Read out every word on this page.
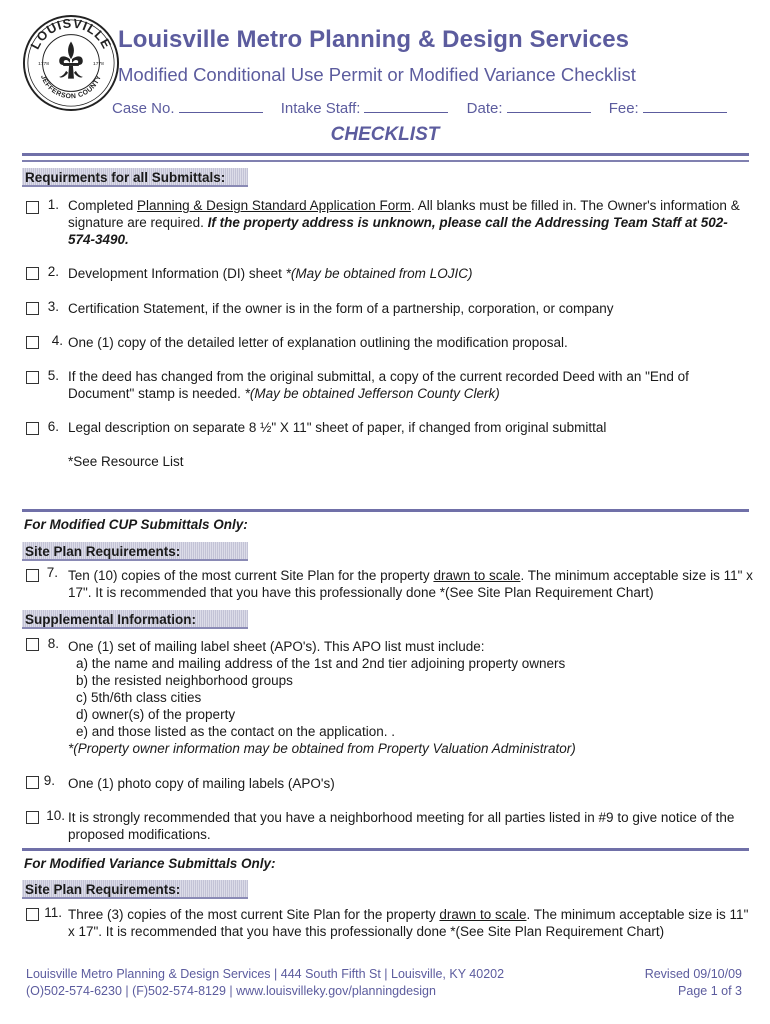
LOUISVILLE
JEFFERSON COUNTY
1778	1778
Louisville Metro Planning & Design Services
Modified Conditional Use Permit or Modified Variance Checklist
Case No.	Intake Staff:	Date:	Fee:
CHECKLIST
Requirments for all Submittals:
1. Completed Planning & Design Standard Application Form. All blanks must be filled in. The Owner's information & signature are required. If the property address is unknown, please call the Addressing Team Staff at 502-574-3490.
2. Development Information (DI) sheet *(May be obtained from LOJIC)
3. Certification Statement, if the owner is in the form of a partnership, corporation, or company
4. One (1) copy of the detailed letter of explanation outlining the modification proposal.
5. If the deed has changed from the original submittal, a copy of the current recorded Deed with an "End of Document" stamp is needed. *(May be obtained Jefferson County Clerk)
6. Legal description on separate 8 ½" X 11" sheet of paper, if changed from original submittal
*See Resource List
For Modified CUP Submittals Only:
Site Plan Requirements:
7. Ten (10) copies of the most current Site Plan for the property drawn to scale. The minimum acceptable size is 11" x 17". It is recommended that you have this professionally done *(See Site Plan Requirement Chart)
Supplemental Information:
8. One (1) set of mailing label sheet (APO's). This APO list must include:
a) the name and mailing address of the 1st and 2nd tier adjoining property owners
b) the resisted neighborhood groups
c) 5th/6th class cities
d) owner(s) of the property
e) and those listed as the contact on the application. .
*(Property owner information may be obtained from Property Valuation Administrator)
9. One (1) photo copy of mailing labels (APO's)
10. It is strongly recommended that you have a neighborhood meeting for all parties listed in #9 to give notice of the proposed modifications.
For Modified Variance Submittals Only:
Site Plan Requirements:
11. Three (3) copies of the most current Site Plan for the property drawn to scale. The minimum acceptable size is 11" x 17". It is recommended that you have this professionally done *(See Site Plan Requirement Chart)
Louisville Metro Planning & Design Services | 444 South Fifth St | Louisville, KY 40202
(O)502-574-6230 | (F)502-574-8129 | www.louisvilleky.gov/planningdesign
Revised 09/10/09
Page 1 of 3
